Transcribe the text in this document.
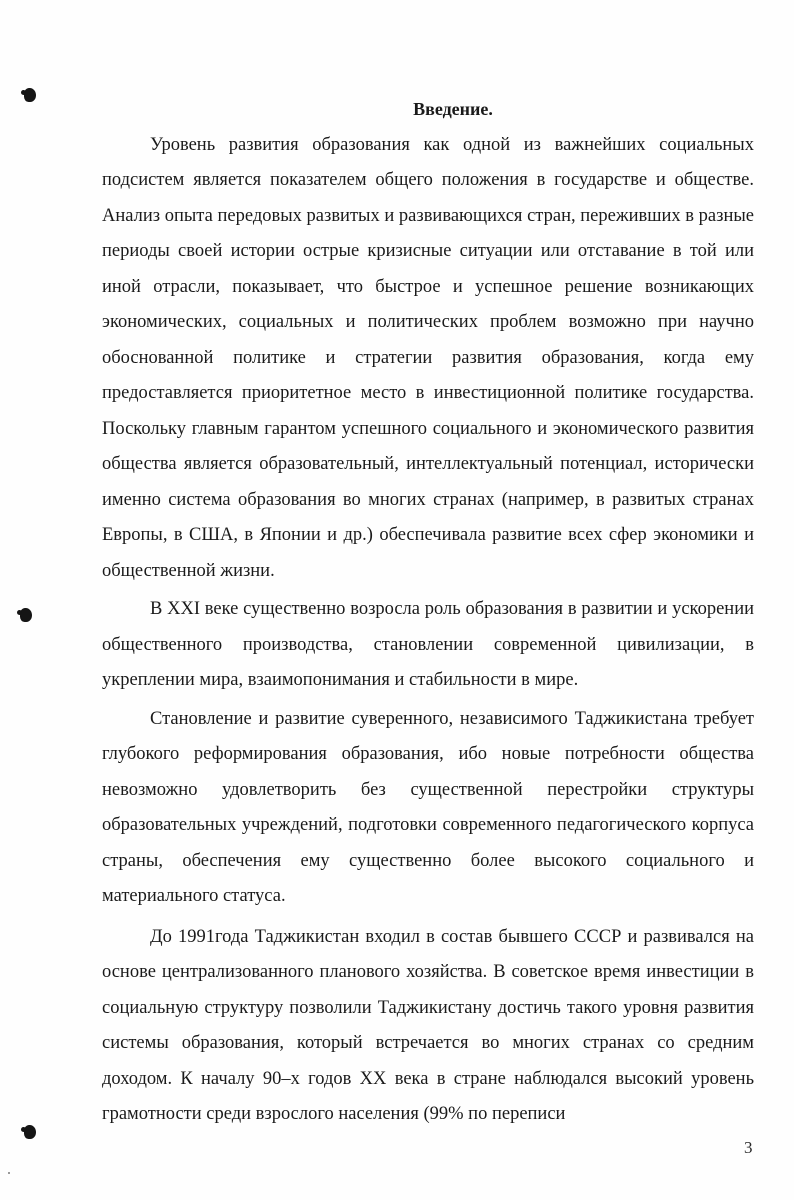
Введение.

Уровень развития образования как одной из важнейших социальных подсистем является показателем общего положения в государстве и обществе. Анализ опыта передовых развитых и развивающихся стран, переживших в разные периоды своей истории острые кризисные ситуации или отставание в той или иной отрасли, показывает, что быстрое и успешное решение возникающих экономических, социальных и политических проблем возможно при научно обоснованной политике и стратегии развития образования, когда ему предоставляется приоритетное место в инвестиционной политике государства. Поскольку главным гарантом успешного социального и экономического развития общества является образовательный, интеллектуальный потенциал, исторически именно система образования во многих странах (например, в развитых странах Европы, в США, в Японии и др.) обеспечивала развитие всех сфер экономики и общественной жизни.

В XXI веке существенно возросла роль образования в развитии и ускорении общественного производства, становлении современной цивилизации, в укреплении мира, взаимопонимания и стабильности в мире.

Становление и развитие суверенного, независимого Таджикистана требует глубокого реформирования образования, ибо новые потребности общества невозможно удовлетворить без существенной перестройки структуры образовательных учреждений, подготовки современного педагогического корпуса страны, обеспечения ему существенно более высокого социального и материального статуса.

До 1991года Таджикистан входил в состав бывшего СССР и развивался на основе централизованного планового хозяйства. В советское время инвестиции в социальную структуру позволили Таджикистану достичь такого уровня развития системы образования, который встречается во многих странах со средним доходом. К началу 90–х годов XX века в стране наблюдался высокий уровень грамотности среди взрослого населения (99% по переписи

3
